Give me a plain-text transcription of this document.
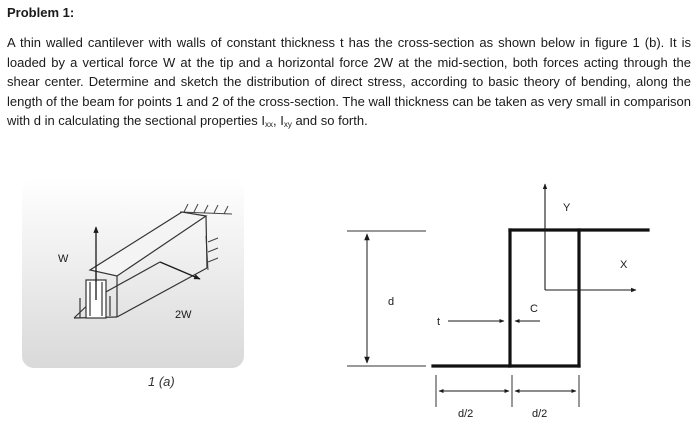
Problem 1:

A thin walled cantilever with walls of constant thickness t has the cross-section as shown below in figure 1 (b). It is loaded by a vertical force W at the tip and a horizontal force 2W at the mid-section, both forces acting through the shear center. Determine and sketch the distribution of direct stress, according to basic theory of bending, along the length of the beam for points 1 and 2 of the cross-section. The wall thickness can be taken as very small in comparison with d in calculating the sectional properties $I_{xx}$, $I_{xy}$ and so forth.

W
2W
1 (a)
d
Y
X
t
C
d/2	d/2
